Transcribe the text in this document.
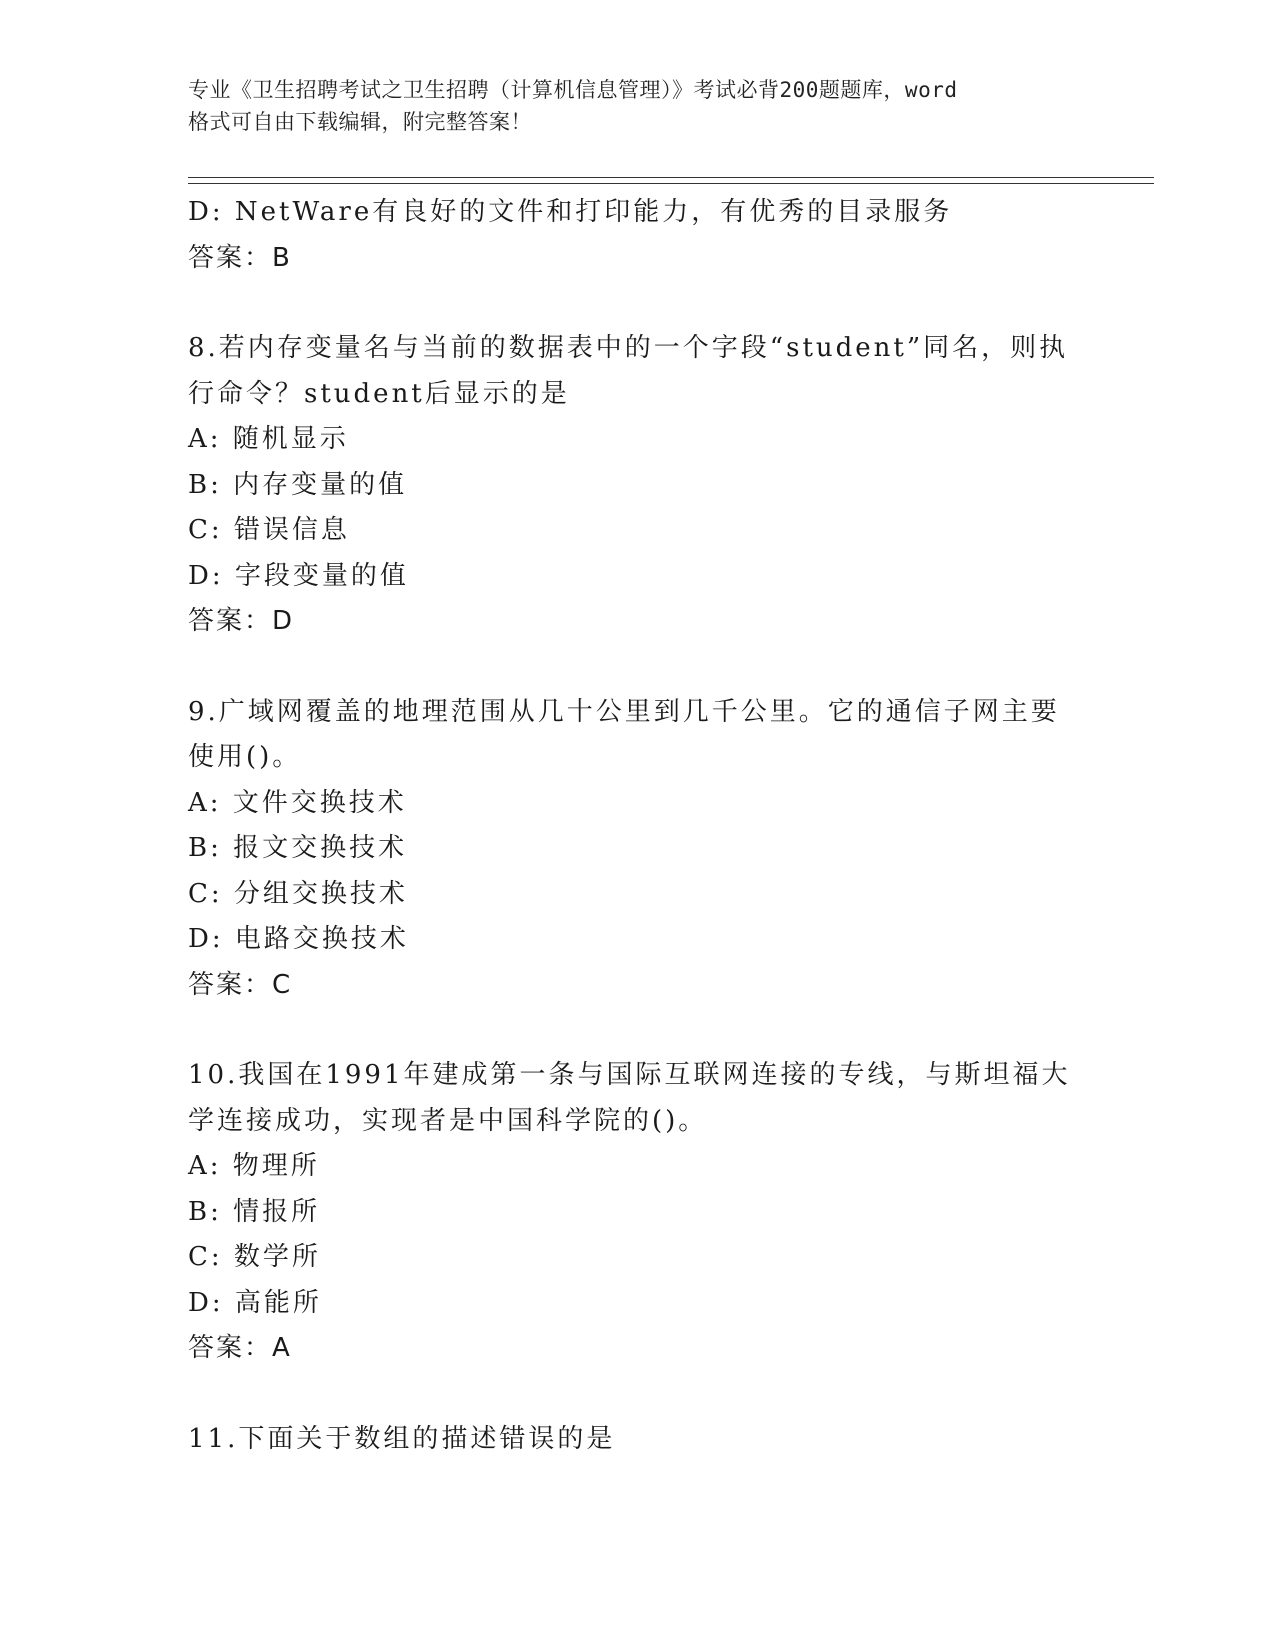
专业《卫生招聘考试之卫生招聘（计算机信息管理）》考试必背200题题库，word
格式可自由下载编辑，附完整答案！
D: NetWare有良好的文件和打印能力，有优秀的目录服务
答案：B
8.若内存变量名与当前的数据表中的一个字段“student”同名，则执
行命令？student后显示的是
A: 随机显示
B: 内存变量的值
C: 错误信息
D: 字段变量的值
答案：D
9.广域网覆盖的地理范围从几十公里到几千公里。它的通信子网主要
使用()。
A: 文件交换技术
B: 报文交换技术
C: 分组交换技术
D: 电路交换技术
答案：C
10.我国在1991年建成第一条与国际互联网连接的专线，与斯坦福大
学连接成功，实现者是中国科学院的()。
A: 物理所
B: 情报所
C: 数学所
D: 高能所
答案：A
11.下面关于数组的描述错误的是
